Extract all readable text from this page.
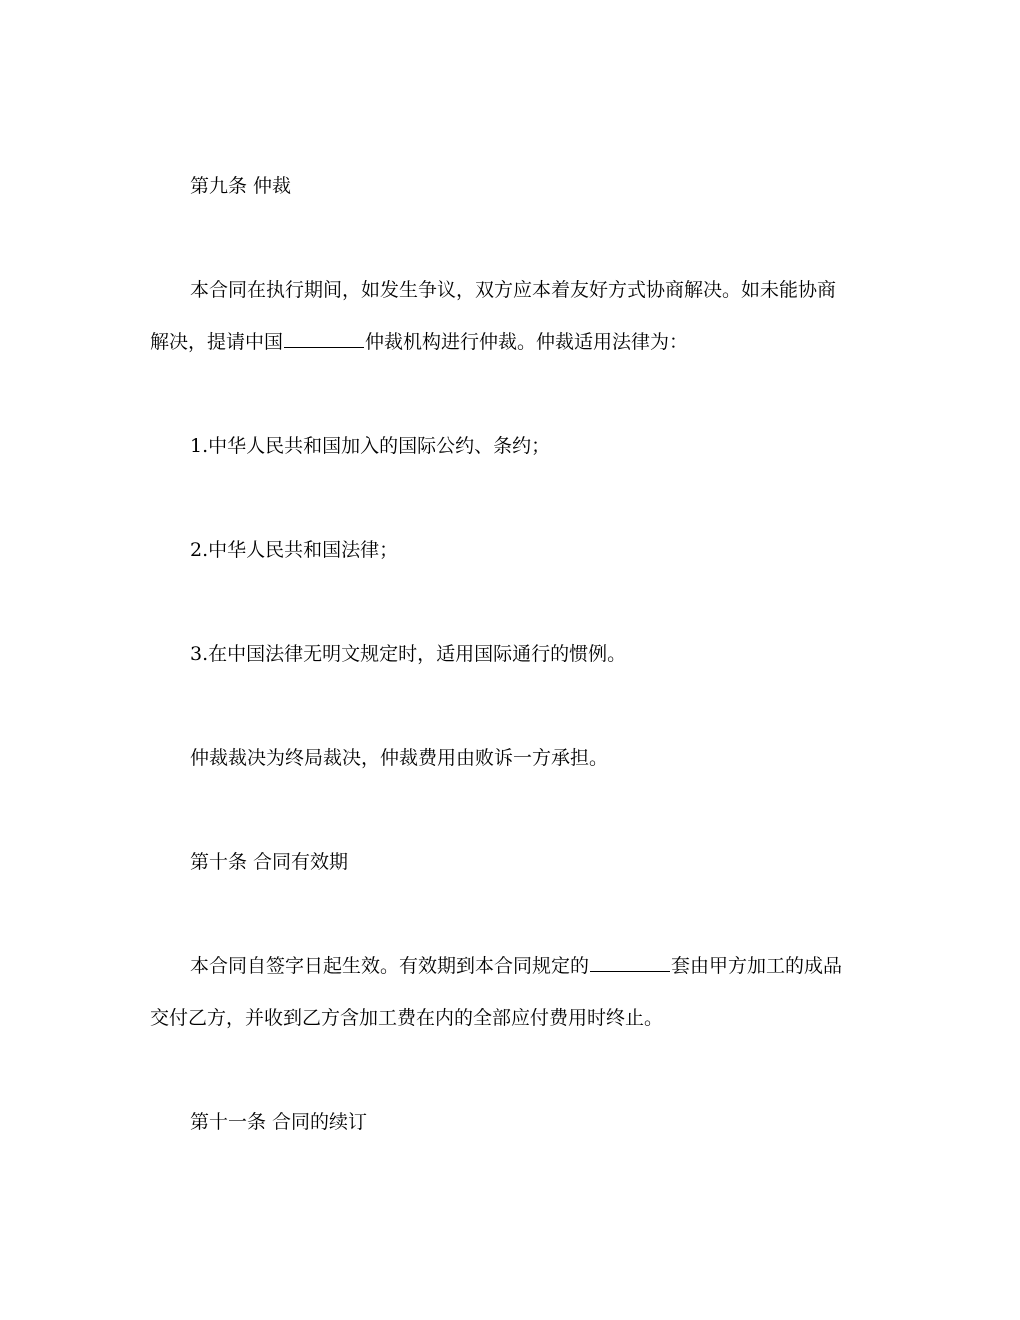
第九条 仲裁

本合同在执行期间，如发生争议，双方应本着友好方式协商解决。如未能协商

解决，提请中国	仲裁机构进行仲裁。仲裁适用法律为：

1.中华人民共和国加入的国际公约、条约；

2.中华人民共和国法律；

3.在中国法律无明文规定时，适用国际通行的惯例。

仲裁裁决为终局裁决，仲裁费用由败诉一方承担。

第十条 合同有效期

本合同自签字日起生效。有效期到本合同规定的	套由甲方加工的成品

交付乙方，并收到乙方含加工费在内的全部应付费用时终止。

第十一条 合同的续订
